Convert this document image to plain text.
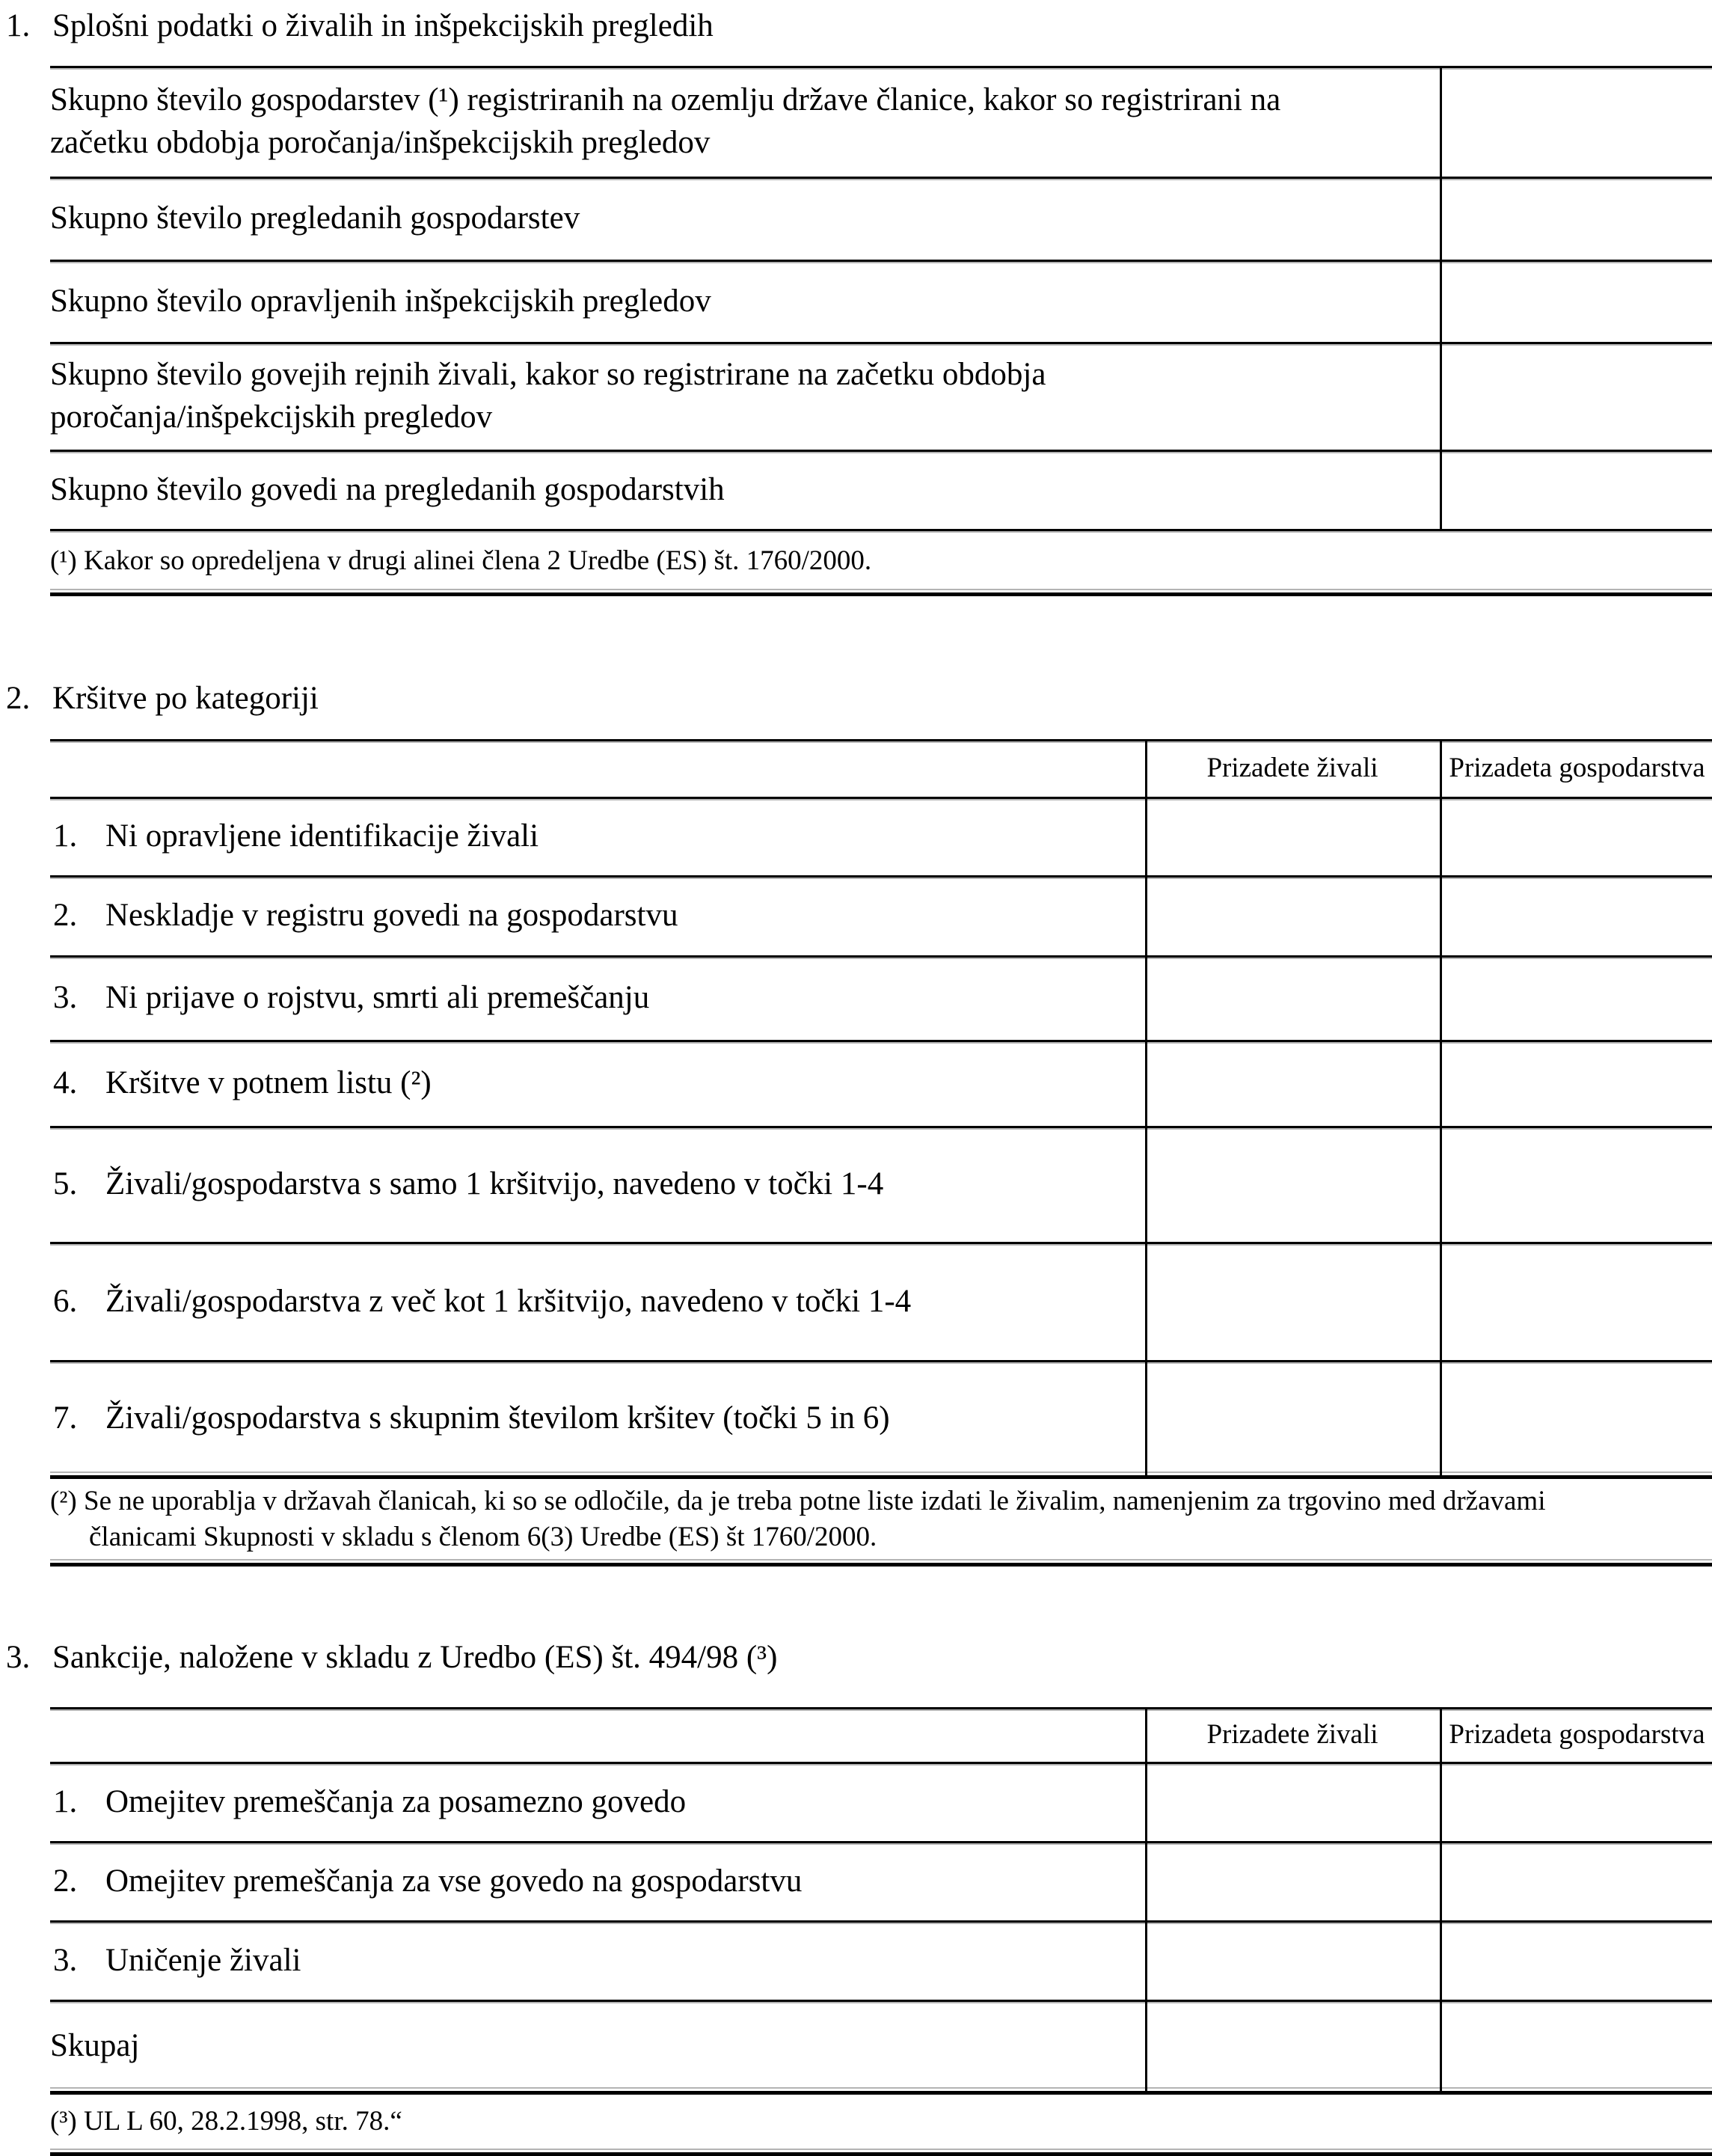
1. Splošni podatki o živalih in inšpekcijskih pregledih
Skupno število gospodarstev (¹) registriranih na ozemlju države članice, kakor so registrirani na
začetku obdobja poročanja/inšpekcijskih pregledov
Skupno število pregledanih gospodarstev
Skupno število opravljenih inšpekcijskih pregledov
Skupno število govejih rejnih živali, kakor so registrirane na začetku obdobja
poročanja/inšpekcijskih pregledov
Skupno število govedi na pregledanih gospodarstvih
(¹) Kakor so opredeljena v drugi alinei člena 2 Uredbe (ES) št. 1760/2000.
2. Kršitve po kategoriji
Prizadete živali	Prizadeta gospodarstva
1. Ni opravljene identifikacije živali
2. Neskladje v registru govedi na gospodarstvu
3. Ni prijave o rojstvu, smrti ali premeščanju
4. Kršitve v potnem listu (²)
5. Živali/gospodarstva s samo 1 kršitvijo, navedeno v točki 1-4
6. Živali/gospodarstva z več kot 1 kršitvijo, navedeno v točki 1-4
7. Živali/gospodarstva s skupnim številom kršitev (točki 5 in 6)
(²) Se ne uporablja v državah članicah, ki so se odločile, da je treba potne liste izdati le živalim, namenjenim za trgovino med državami
članicami Skupnosti v skladu s členom 6(3) Uredbe (ES) št 1760/2000.
3. Sankcije, naložene v skladu z Uredbo (ES) št. 494/98 (³)
Prizadete živali	Prizadeta gospodarstva
1. Omejitev premeščanja za posamezno govedo
2. Omejitev premeščanja za vse govedo na gospodarstvu
3. Uničenje živali
Skupaj
(³) UL L 60, 28.2.1998, str. 78.“
